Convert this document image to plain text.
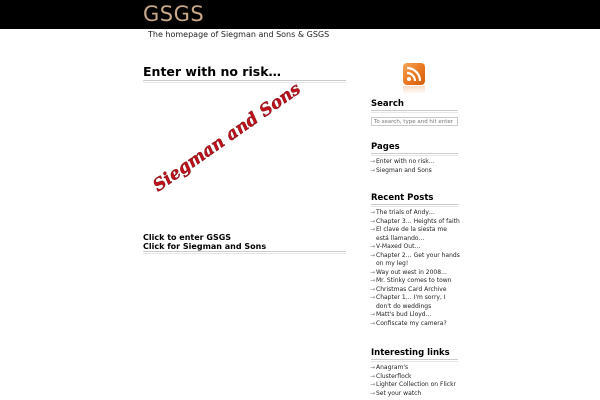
GSGS
The homepage of Siegman and Sons & GSGS
Enter with no risk…
Siegman and Sons
Click to enter GSGS
Click for Siegman and Sons
Search
To search, type and hit enter
Pages
→ Enter with no risk…
→ Siegman and Sons
Recent Posts
→ The trials of Andy…
→ Chapter 3… Heights of faith
→ El clave de la siesta me está llamando…
→ V-Maxed Out…
→ Chapter 2… Get your hands on my leg!
→ Way out west in 2008…
→ Mr. Stinky comes to town
→ Christmas Card Archive
→ Chapter 1… I'm sorry, I don't do weddings
→ Matt's bud Lloyd…
→ Confiscate my camera?
Interesting links
→ Anagram's
→ Clusterflock
→ Lighter Collection on Flickr
→ Set your watch
